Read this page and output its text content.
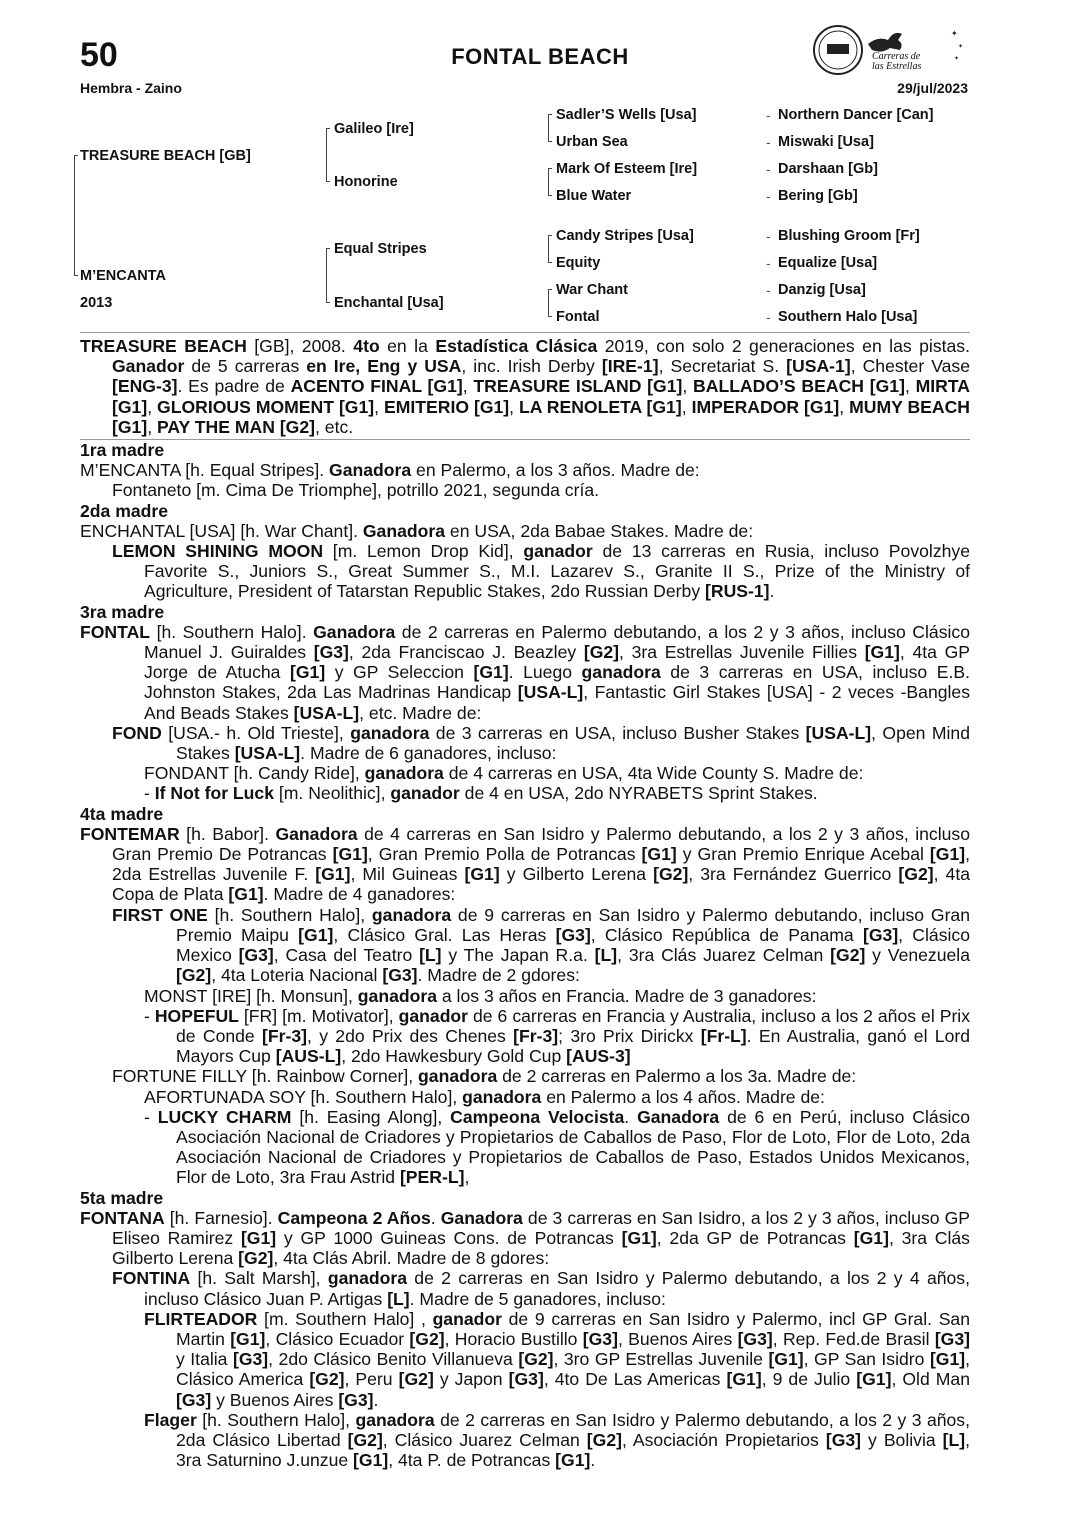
50	FONTAL BEACH
Hembra - Zaino	29/jul/2023
✦
✦
✦
Carreras de las Estrellas
TREASURE BEACH [GB]
M’ENCANTA
2013
Galileo [Ire]
Honorine
Equal Stripes
Enchantal [Usa]
Sadler’S Wells [Usa]
Urban Sea
Mark Of Esteem [Ire]
Blue Water
Candy Stripes [Usa]
Equity
War Chant
Fontal
-
-
-
-
-
-
-
-
Northern Dancer [Can]
Miswaki [Usa]
Darshaan [Gb]
Bering [Gb]
Blushing Groom [Fr]
Equalize [Usa]
Danzig [Usa]
Southern Halo [Usa]

TREASURE BEACH [GB], 2008. 4to en la Estadística Clásica 2019, con solo 2 generaciones en las pistas. Ganador de 5 carreras en Ire, Eng y USA, inc. Irish Derby [IRE-1], Secretariat S. [USA-1], Chester Vase [ENG-3]. Es padre de ACENTO FINAL [G1], TREASURE ISLAND [G1], BALLADO’S BEACH [G1], MIRTA [G1], GLORIOUS MOMENT [G1], EMITERIO [G1], LA RENOLETA [G1], IMPERADOR [G1], MUMY BEACH [G1], PAY THE MAN [G2], etc.

1ra madre

M’ENCANTA [h. Equal Stripes]. Ganadora en Palermo, a los 3 años. Madre de:

Fontaneto [m. Cima De Triomphe], potrillo 2021, segunda cría.

2da madre

ENCHANTAL [USA] [h. War Chant]. Ganadora en USA, 2da Babae Stakes. Madre de:

LEMON SHINING MOON [m. Lemon Drop Kid], ganador de 13 carreras en Rusia, incluso Povolzhye Favorite S., Juniors S., Great Summer S., M.I. Lazarev S., Granite II S., Prize of the Ministry of Agriculture, President of Tatarstan Republic Stakes, 2do Russian Derby [RUS-1].

3ra madre

FONTAL [h. Southern Halo]. Ganadora de 2 carreras en Palermo debutando, a los 2 y 3 años, incluso Clásico Manuel J. Guiraldes [G3], 2da Franciscao J. Beazley [G2], 3ra Estrellas Juvenile Fillies [G1], 4ta GP Jorge de Atucha [G1] y GP Seleccion [G1]. Luego ganadora de 3 carreras en USA, incluso E.B. Johnston Stakes, 2da Las Madrinas Handicap [USA-L], Fantastic Girl Stakes [USA] - 2 veces -Bangles And Beads Stakes [USA-L], etc. Madre de:

FOND [USA.- h. Old Trieste], ganadora de 3 carreras en USA, incluso Busher Stakes [USA-L], Open Mind Stakes [USA-L]. Madre de 6 ganadores, incluso:

FONDANT [h. Candy Ride], ganadora de 4 carreras en USA, 4ta Wide County S. Madre de:

- If Not for Luck [m. Neolithic], ganador de 4 en USA, 2do NYRABETS Sprint Stakes.

4ta madre

FONTEMAR [h. Babor]. Ganadora de 4 carreras en San Isidro y Palermo debutando, a los 2 y 3 años, incluso Gran Premio De Potrancas [G1], Gran Premio Polla de Potrancas [G1] y Gran Premio Enrique Acebal [G1], 2da Estrellas Juvenile F. [G1], Mil Guineas [G1] y Gilberto Lerena [G2], 3ra Fernández Guerrico [G2], 4ta Copa de Plata [G1]. Madre de 4 ganadores:

FIRST ONE [h. Southern Halo], ganadora de 9 carreras en San Isidro y Palermo debutando, incluso Gran Premio Maipu [G1], Clásico Gral. Las Heras [G3], Clásico República de Panama [G3], Clásico Mexico [G3], Casa del Teatro [L] y The Japan R.a. [L], 3ra Clás Juarez Celman [G2] y Venezuela [G2], 4ta Loteria Nacional [G3]. Madre de 2 gdores:

MONST [IRE] [h. Monsun], ganadora a los 3 años en Francia. Madre de 3 ganadores:

- HOPEFUL [FR] [m. Motivator], ganador de 6 carreras en Francia y Australia, incluso a los 2 años el Prix de Conde [Fr-3], y 2do Prix des Chenes [Fr-3]; 3ro Prix Dirickx [Fr-L]. En Australia, ganó el Lord Mayors Cup [AUS-L], 2do Hawkesbury Gold Cup [AUS-3]

FORTUNE FILLY [h. Rainbow Corner], ganadora de 2 carreras en Palermo a los 3a. Madre de:

AFORTUNADA SOY [h. Southern Halo], ganadora en Palermo a los 4 años. Madre de:

- LUCKY CHARM [h. Easing Along], Campeona Velocista. Ganadora de 6 en Perú, incluso Clásico Asociación Nacional de Criadores y Propietarios de Caballos de Paso, Flor de Loto, Flor de Loto, 2da Asociación Nacional de Criadores y Propietarios de Caballos de Paso, Estados Unidos Mexicanos, Flor de Loto, 3ra Frau Astrid [PER-L],

5ta madre

FONTANA [h. Farnesio]. Campeona 2 Años. Ganadora de 3 carreras en San Isidro, a los 2 y 3 años, incluso GP Eliseo Ramirez [G1] y GP 1000 Guineas Cons. de Potrancas [G1], 2da GP de Potrancas [G1], 3ra Clás Gilberto Lerena [G2], 4ta Clás Abril. Madre de 8 gdores:

FONTINA [h. Salt Marsh], ganadora de 2 carreras en San Isidro y Palermo debutando, a los 2 y 4 años, incluso Clásico Juan P. Artigas [L]. Madre de 5 ganadores, incluso:

FLIRTEADOR [m. Southern Halo] , ganador de 9 carreras en San Isidro y Palermo, incl GP Gral. San Martin [G1], Clásico Ecuador [G2], Horacio Bustillo [G3], Buenos Aires [G3], Rep. Fed.de Brasil [G3] y Italia [G3], 2do Clásico Benito Villanueva [G2], 3ro GP Estrellas Juvenile [G1], GP San Isidro [G1], Clásico America [G2], Peru [G2] y Japon [G3], 4to De Las Americas [G1], 9 de Julio [G1], Old Man [G3] y Buenos Aires [G3].

Flager [h. Southern Halo], ganadora de 2 carreras en San Isidro y Palermo debutando, a los 2 y 3 años, 2da Clásico Libertad [G2], Clásico Juarez Celman [G2], Asociación Propietarios [G3] y Bolivia [L], 3ra Saturnino J.unzue [G1], 4ta P. de Potrancas [G1].
